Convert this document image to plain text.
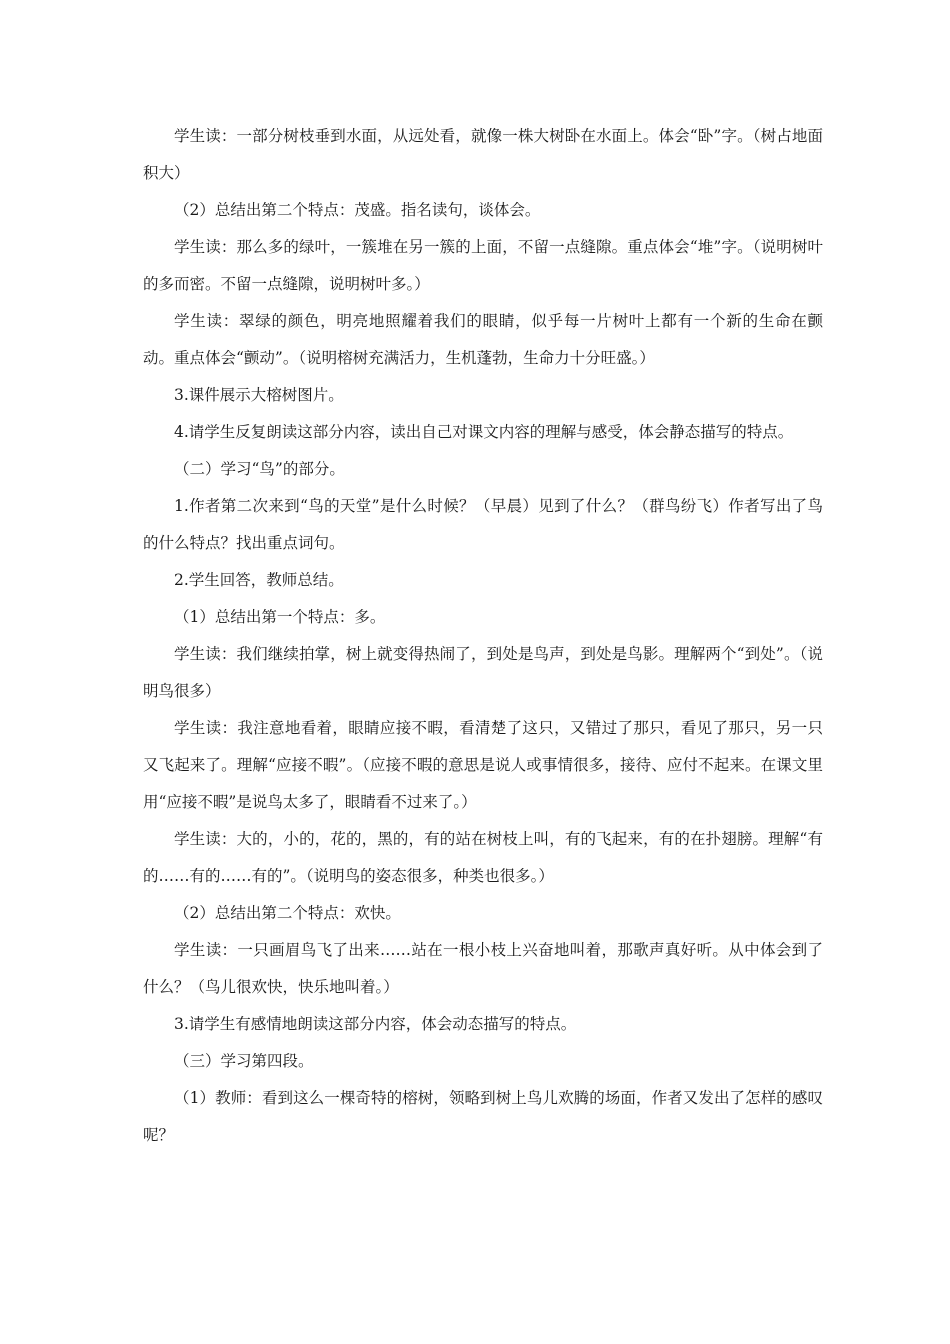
学生读：一部分树枝垂到水面，从远处看，就像一株大树卧在水面上。体会“卧”字。（树占地面积大）

（2）总结出第二个特点：茂盛。指名读句，谈体会。

学生读：那么多的绿叶，一簇堆在另一簇的上面，不留一点缝隙。重点体会“堆”字。（说明树叶的多而密。不留一点缝隙，说明树叶多。）

学生读：翠绿的颜色，明亮地照耀着我们的眼睛，似乎每一片树叶上都有一个新的生命在颤动。重点体会“颤动”。（说明榕树充满活力，生机蓬勃，生命力十分旺盛。）

3.课件展示大榕树图片。

4.请学生反复朗读这部分内容，读出自己对课文内容的理解与感受，体会静态描写的特点。

（二）学习“鸟”的部分。

1.作者第二次来到“鸟的天堂”是什么时候？（早晨）见到了什么？（群鸟纷飞）作者写出了鸟的什么特点？找出重点词句。

2.学生回答，教师总结。

（1）总结出第一个特点：多。

学生读：我们继续拍掌，树上就变得热闹了，到处是鸟声，到处是鸟影。理解两个“到处”。（说明鸟很多）

学生读：我注意地看着，眼睛应接不暇，看清楚了这只，又错过了那只，看见了那只，另一只又飞起来了。理解“应接不暇”。（应接不暇的意思是说人或事情很多，接待、应付不起来。在课文里用“应接不暇”是说鸟太多了，眼睛看不过来了。）

学生读：大的，小的，花的，黑的，有的站在树枝上叫，有的飞起来，有的在扑翅膀。理解“有的……有的……有的”。（说明鸟的姿态很多，种类也很多。）

（2）总结出第二个特点：欢快。

学生读：一只画眉鸟飞了出来……站在一根小枝上兴奋地叫着，那歌声真好听。从中体会到了什么？（鸟儿很欢快，快乐地叫着。）

3.请学生有感情地朗读这部分内容，体会动态描写的特点。

（三）学习第四段。

（1）教师：看到这么一棵奇特的榕树，领略到树上鸟儿欢腾的场面，作者又发出了怎样的感叹呢？
